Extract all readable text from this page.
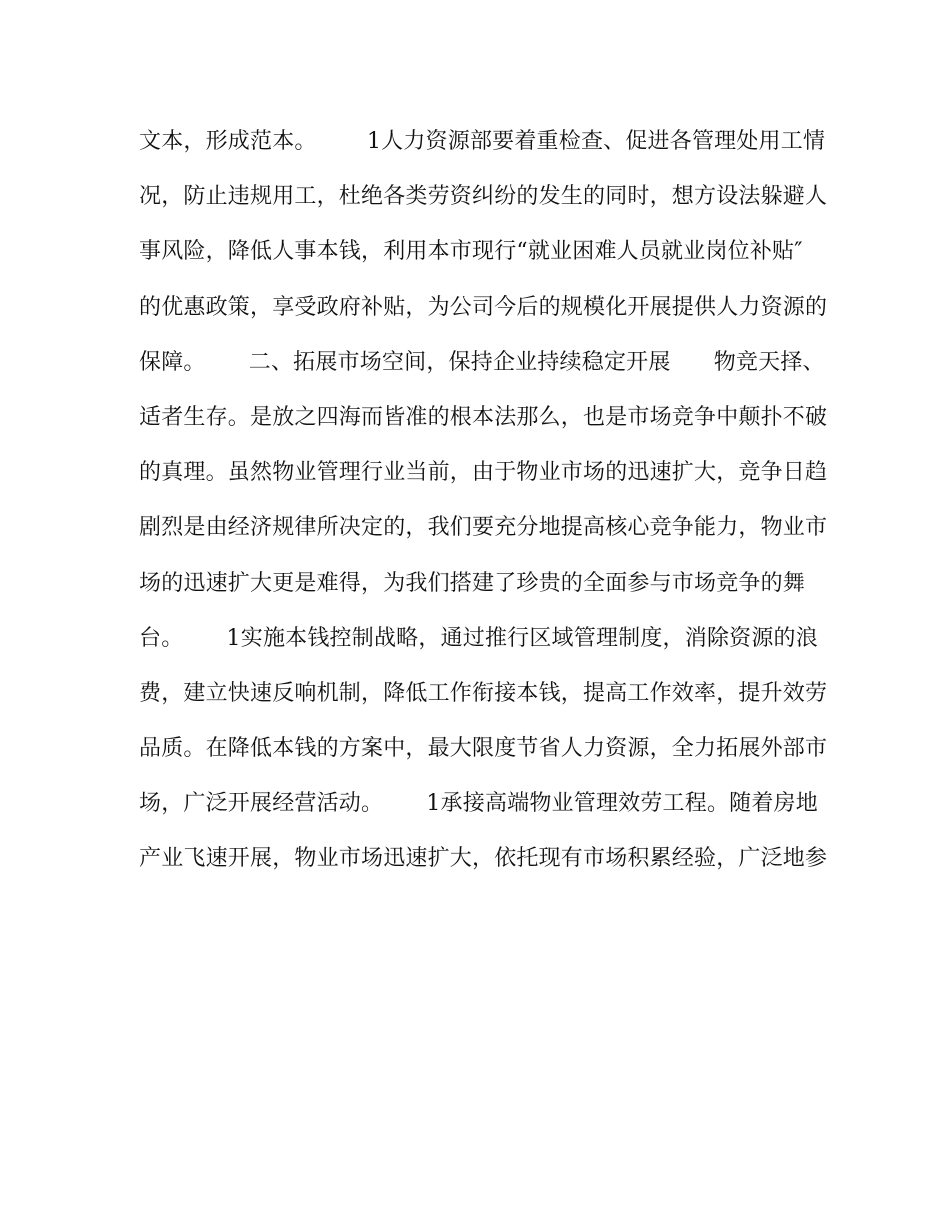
文本，形成范本。       1人力资源部要着重检查、促进各管理处用工情
况，防止违规用工，杜绝各类劳资纠纷的发生的同时，想方设法躲避人
事风险，降低人事本钱，利用本市现行“就业困难人员就业岗位补贴″
的优惠政策，享受政府补贴，为公司今后的规模化开展提供人力资源的
保障。      二、拓展市场空间，保持企业持续稳定开展      物竞天择、
适者生存。是放之四海而皆准的根本法那么，也是市场竞争中颠扑不破
的真理。虽然物业管理行业当前，由于物业市场的迅速扩大，竞争日趋
剧烈是由经济规律所决定的，我们要充分地提高核心竞争能力，物业市
场的迅速扩大更是难得，为我们搭建了珍贵的全面参与市场竞争的舞
台。      1实施本钱控制战略，通过推行区域管理制度，消除资源的浪
费，建立快速反响机制，降低工作衔接本钱，提高工作效率，提升效劳
品质。在降低本钱的方案中，最大限度节省人力资源，全力拓展外部市
场，广泛开展经营活动。      1承接高端物业管理效劳工程。随着房地
产业飞速开展，物业市场迅速扩大，依托现有市场积累经验，广泛地参
